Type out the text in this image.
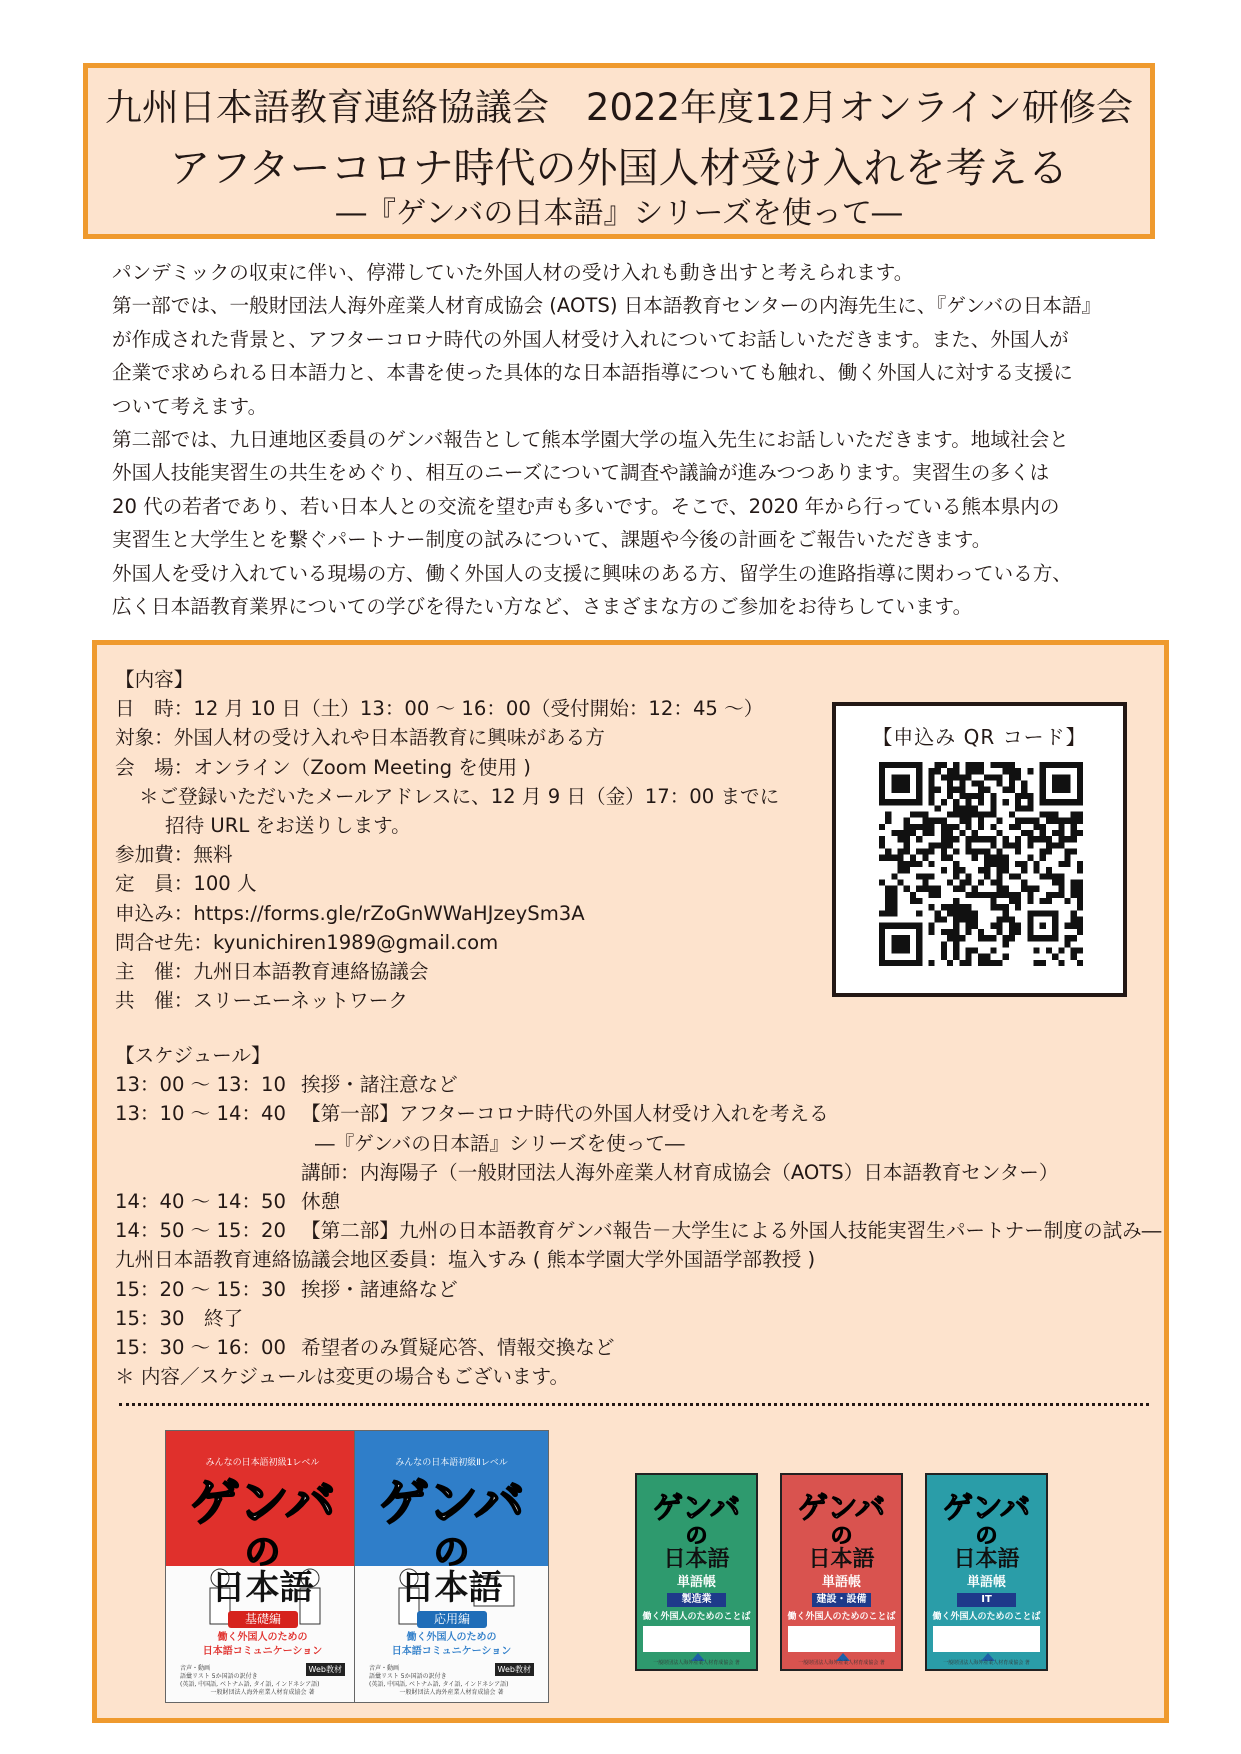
九州日本語教育連絡協議会　2022年度12月オンライン研修会
アフターコロナ時代の外国人材受け入れを考える
―『ゲンバの日本語』シリーズを使って―

パンデミックの収束に伴い、停滞していた外国人材の受け入れも動き出すと考えられます。

第一部では、一般財団法人海外産業人材育成協会 (AOTS) 日本語教育センターの内海先生に、『ゲンバの日本語』

が作成された背景と、アフターコロナ時代の外国人材受け入れについてお話しいただきます。また、外国人が

企業で求められる日本語力と、本書を使った具体的な日本語指導についても触れ、働く外国人に対する支援に

ついて考えます。

第二部では、九日連地区委員のゲンバ報告として熊本学園大学の塩入先生にお話しいただきます。地域社会と

外国人技能実習生の共生をめぐり、相互のニーズについて調査や議論が進みつつあります。実習生の多くは

20 代の若者であり、若い日本人との交流を望む声も多いです。そこで、2020 年から行っている熊本県内の

実習生と大学生とを繋ぐパートナー制度の試みについて、課題や今後の計画をご報告いただきます。

外国人を受け入れている現場の方、働く外国人の支援に興味のある方、留学生の進路指導に関わっている方、

広く日本語教育業界についての学びを得たい方など、さまざまな方のご参加をお待ちしています。

【内容】
日　時：12 月 10 日（土）13：00 ～ 16：00（受付開始：12：45 ～）
対象：外国人材の受け入れや日本語教育に興味がある方
会　場：オンライン（Zoom Meeting を使用 )
＊ご登録いただいたメールアドレスに、12 月 9 日（金）17：00 までに
招待 URL をお送りします。
参加費：無料
定　員：100 人
申込み：https://forms.gle/rZoGnWWaHJzeySm3A
問合せ先：kyunichiren1989@gmail.com
主　催：九州日本語教育連絡協議会
共　催：スリーエーネットワーク
【申込み QR コード】
【スケジュール】
13：00 ～ 13：10 挨拶・諸注意など
13：10 ～ 14：40 【第一部】アフターコロナ時代の外国人材受け入れを考える
―『ゲンバの日本語』シリーズを使って―
講師：内海陽子（一般財団法人海外産業人材育成協会（AOTS）日本語教育センター）
14：40 ～ 14：50 休憩
14：50 ～ 15：20 【第二部】九州の日本語教育ゲンバ報告－大学生による外国人技能実習生パートナー制度の試み―
九州日本語教育連絡協議会地区委員：塩入すみ ( 熊本学園大学外国語学部教授 )
15：20 ～ 15：30 挨拶・諸連絡など
15：30　終了
15：30 ～ 16：00 希望者のみ質疑応答、情報交換など
＊ 内容／スケジュールは変更の場合もございます。
みんなの日本語初級1レベル
ゲンバ
の
日本語
基礎編
働く外国人のための
日本語コミュニケーション
音声・動画
語彙リスト 5か国語の訳付き
(英語, 中国語, ベトナム語, タイ語, インドネシア語)
Web教材
一般財団法人海外産業人材育成協会 著
みんなの日本語初級Ⅱレベル
ゲンバ
の
日本語
応用編
働く外国人のための
日本語コミュニケーション
音声・動画
語彙リスト 5か国語の訳付き
(英語, 中国語, ベトナム語, タイ語, インドネシア語)
Web教材
一般財団法人海外産業人材育成協会 著
ゲンバ
の
日本語
単語帳
製造業
働く外国人のためのことば
一般財団法人海外産業人材育成協会 著
ゲンバ
の
日本語
単語帳
建設・設備
働く外国人のためのことば
一般財団法人海外産業人材育成協会 著
ゲンバ
の
日本語
単語帳
IT
働く外国人のためのことば
一般財団法人海外産業人材育成協会 著
